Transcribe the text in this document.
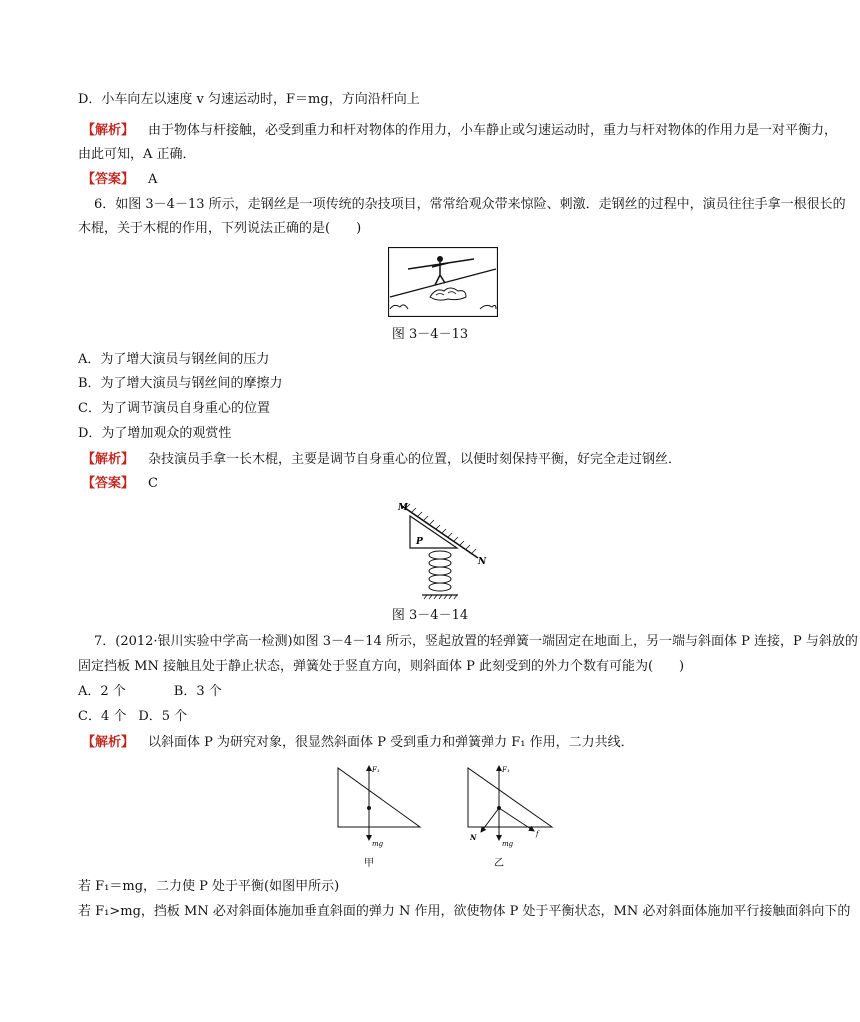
D．小车向左以速度 v 匀速运动时，F＝mg，方向沿杆向上
【 解析 】 由于物体与杆接触，必受到重力和杆对物体的作用力，小车静止或匀速运动时，重力与杆对物体的作用力是一对平衡力，
由此可知，A 正确．
【 答案 】 A
6．如图 3－4－13 所示，走钢丝是一项传统的杂技项目，常常给观众带来惊险、刺激．走钢丝的过程中，演员往往手拿一根很长的
木棍，关于木棍的作用，下列说法正确的是(　　)
图 3－4－13
A．为了增大演员与钢丝间的压力
B．为了增大演员与钢丝间的摩擦力
C．为了调节演员自身重心的位置
D．为了增加观众的观赏性
【 解析 】 杂技演员手拿一长木棍，主要是调节自身重心的位置，以便时刻保持平衡，好完全走过钢丝．
【 答案 】 C
M
N
P
图 3－4－14
7．(2012·银川实验中学高一检测)如图 3－4－14 所示，竖起放置的轻弹簧一端固定在地面上，另一端与斜面体 P 连接，P 与斜放的
固定挡板 MN 接触且处于静止状态，弹簧处于竖直方向，则斜面体 P 此刻受到的外力个数有可能为(　　)
A．2 个	B．3 个
C．4 个 D．5 个
【 解析 】 以斜面体 P 为研究对象，很显然斜面体 P 受到重力和弹簧弹力 F₁ 作用，二力共线．
F₁
mg
甲
F₁
mg
N	f
乙
若 F₁＝mg，二力使 P 处于平衡(如图甲所示)
若 F₁>mg，挡板 MN 必对斜面体施加垂直斜面的弹力 N 作用，欲使物体 P 处于平衡状态，MN 必对斜面体施加平行接触面斜向下的
